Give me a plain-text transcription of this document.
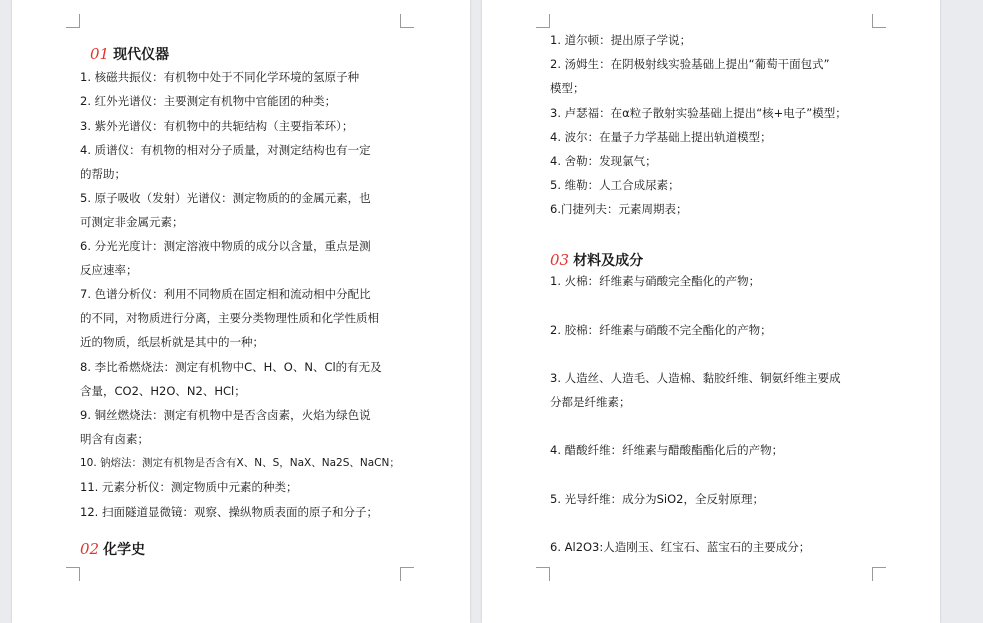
01 现代仪器
1. 核磁共振仪：有机物中处于不同化学环境的氢原子种
2. 红外光谱仪：主要测定有机物中官能团的种类；
3. 紫外光谱仪：有机物中的共轭结构（主要指苯环）；
4. 质谱仪：有机物的相对分子质量，对测定结构也有一定
的帮助；
5. 原子吸收（发射）光谱仪：测定物质的的金属元素，也
可测定非金属元素；
6. 分光光度计：测定溶液中物质的成分以含量，重点是测
反应速率；
7. 色谱分析仪：利用不同物质在固定相和流动相中分配比
的不同，对物质进行分离，主要分类物理性质和化学性质相
近的物质，纸层析就是其中的一种；
8. 李比希燃烧法：测定有机物中C、H、O、N、Cl的有无及
含量，CO2、H2O、N2、HCl；
9. 铜丝燃烧法：测定有机物中是否含卤素，火焰为绿色说
明含有卤素；
10. 钠熔法：测定有机物是否含有X、N、S，NaX、Na2S、NaCN；
11. 元素分析仪：测定物质中元素的种类；
12. 扫面隧道显微镜：观察、操纵物质表面的原子和分子；
02 化学史
1. 道尔顿：提出原子学说；
2. 汤姆生：在阴极射线实验基础上提出“葡萄干面包式”
模型；
3. 卢瑟福：在α粒子散射实验基础上提出“核+电子”模型；
4. 波尔：在量子力学基础上提出轨道模型；
4. 舍勒：发现氯气；
5. 维勒：人工合成尿素；
6.门捷列夫：元素周期表；
03 材料及成分
1. 火棉：纤维素与硝酸完全酯化的产物；
2. 胶棉：纤维素与硝酸不完全酯化的产物；
3. 人造丝、人造毛、人造棉、黏胶纤维、铜氨纤维主要成
分都是纤维素；
4. 醋酸纤维：纤维素与醋酸酯酯化后的产物；
5. 光导纤维：成分为SiO2，全反射原理；
6. Al2O3:人造刚玉、红宝石、蓝宝石的主要成分；
